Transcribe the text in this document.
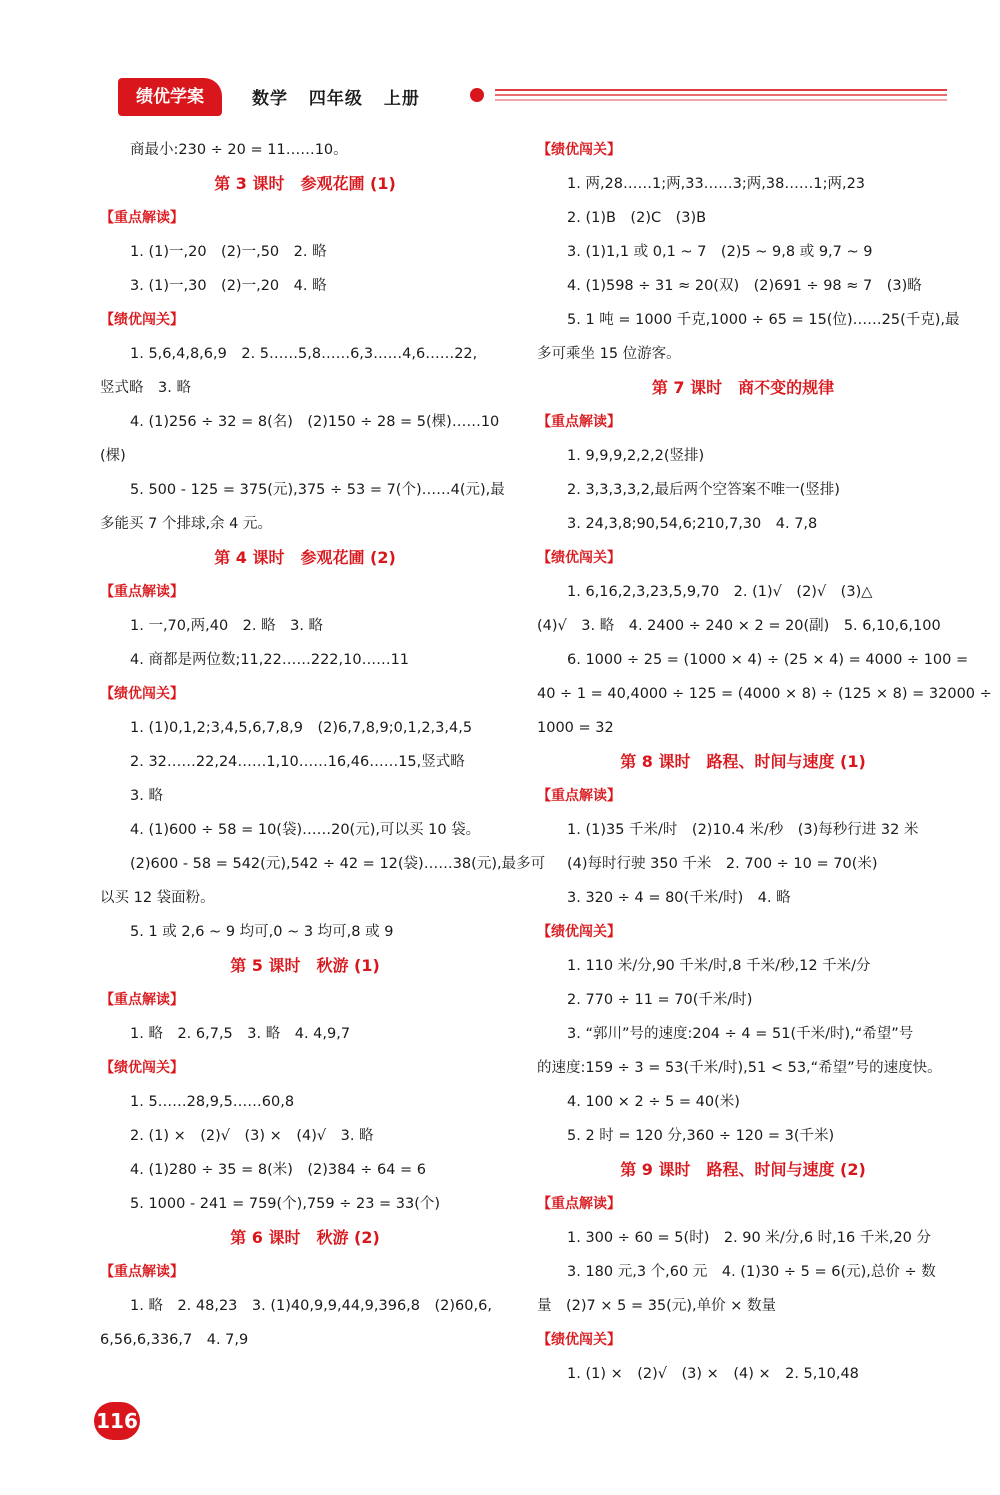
绩优学案	数学 四年级 上册
商最小:230 ÷ 20 = 11……10。
第 3 课时　参观花圃 (1)
【重点解读】
1. (1)一,20　(2)一,50　2. 略
3. (1)一,30　(2)一,20　4. 略
【绩优闯关】
1. 5,6,4,8,6,9　2. 5……5,8……6,3……4,6……22,
竖式略　3. 略
4. (1)256 ÷ 32 = 8(名)　(2)150 ÷ 28 = 5(棵)……10
(棵)
5. 500 - 125 = 375(元),375 ÷ 53 = 7(个)……4(元),最
多能买 7 个排球,余 4 元。
第 4 课时　参观花圃 (2)
【重点解读】
1. 一,70,两,40　2. 略　3. 略
4. 商都是两位数;11,22……222,10……11
【绩优闯关】
1. (1)0,1,2;3,4,5,6,7,8,9　(2)6,7,8,9;0,1,2,3,4,5
2. 32……22,24……1,10……16,46……15,竖式略
3. 略
4. (1)600 ÷ 58 = 10(袋)……20(元),可以买 10 袋。
(2)600 - 58 = 542(元),542 ÷ 42 = 12(袋)……38(元),最多可
以买 12 袋面粉。
5. 1 或 2,6 ~ 9 均可,0 ~ 3 均可,8 或 9
第 5 课时　秋游 (1)
【重点解读】
1. 略　2. 6,7,5　3. 略　4. 4,9,7
【绩优闯关】
1. 5……28,9,5……60,8
2. (1) ×　(2)√　(3) ×　(4)√　3. 略
4. (1)280 ÷ 35 = 8(米)　(2)384 ÷ 64 = 6
5. 1000 - 241 = 759(个),759 ÷ 23 = 33(个)
第 6 课时　秋游 (2)
【重点解读】
1. 略　2. 48,23　3. (1)40,9,9,44,9,396,8　(2)60,6,
6,56,6,336,7　4. 7,9
【绩优闯关】
1. 两,28……1;两,33……3;两,38……1;两,23
2. (1)B　(2)C　(3)B
3. (1)1,1 或 0,1 ~ 7　(2)5 ~ 9,8 或 9,7 ~ 9
4. (1)598 ÷ 31 ≈ 20(双)　(2)691 ÷ 98 ≈ 7　(3)略
5. 1 吨 = 1000 千克,1000 ÷ 65 = 15(位)……25(千克),最
多可乘坐 15 位游客。
第 7 课时　商不变的规律
【重点解读】
1. 9,9,9,2,2,2(竖排)
2. 3,3,3,3,2,最后两个空答案不唯一(竖排)
3. 24,3,8;90,54,6;210,7,30　4. 7,8
【绩优闯关】
1. 6,16,2,3,23,5,9,70　2. (1)√　(2)√　(3)△
(4)√　3. 略　4. 2400 ÷ 240 × 2 = 20(副)　5. 6,10,6,100
6. 1000 ÷ 25 = (1000 × 4) ÷ (25 × 4) = 4000 ÷ 100 =
40 ÷ 1 = 40,4000 ÷ 125 = (4000 × 8) ÷ (125 × 8) = 32000 ÷
1000 = 32
第 8 课时　路程、时间与速度 (1)
【重点解读】
1. (1)35 千米/时　(2)10.4 米/秒　(3)每秒行进 32 米
(4)每时行驶 350 千米　2. 700 ÷ 10 = 70(米)
3. 320 ÷ 4 = 80(千米/时)　4. 略
【绩优闯关】
1. 110 米/分,90 千米/时,8 千米/秒,12 千米/分
2. 770 ÷ 11 = 70(千米/时)
3. “郭川”号的速度:204 ÷ 4 = 51(千米/时),“希望”号
的速度:159 ÷ 3 = 53(千米/时),51 < 53,“希望”号的速度快。
4. 100 × 2 ÷ 5 = 40(米)
5. 2 时 = 120 分,360 ÷ 120 = 3(千米)
第 9 课时　路程、时间与速度 (2)
【重点解读】
1. 300 ÷ 60 = 5(时)　2. 90 米/分,6 时,16 千米,20 分
3. 180 元,3 个,60 元　4. (1)30 ÷ 5 = 6(元),总价 ÷ 数
量　(2)7 × 5 = 35(元),单价 × 数量
【绩优闯关】
1. (1) ×　(2)√　(3) ×　(4) ×　2. 5,10,48
116
